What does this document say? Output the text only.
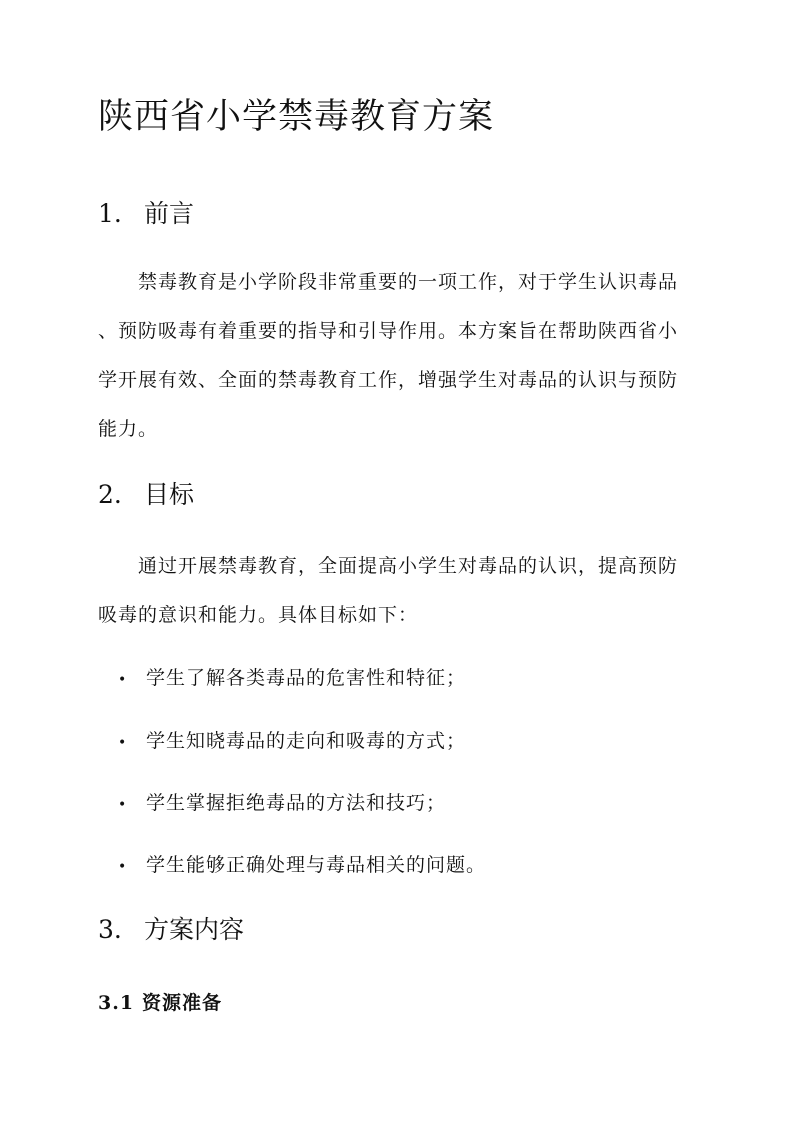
陕西省小学禁毒教育方案
1. 前言
禁毒教育是小学阶段非常重要的一项工作，对于学生认识毒品
、预防吸毒有着重要的指导和引导作用。本方案旨在帮助陕西省小
学开展有效、全面的禁毒教育工作，增强学生对毒品的认识与预防
能力。
2. 目标
通过开展禁毒教育，全面提高小学生对毒品的认识，提高预防
吸毒的意识和能力。具体目标如下：
• 学生了解各类毒品的危害性和特征；
• 学生知晓毒品的走向和吸毒的方式；
• 学生掌握拒绝毒品的方法和技巧；
• 学生能够正确处理与毒品相关的问题。
3. 方案内容
3.1 资源准备
